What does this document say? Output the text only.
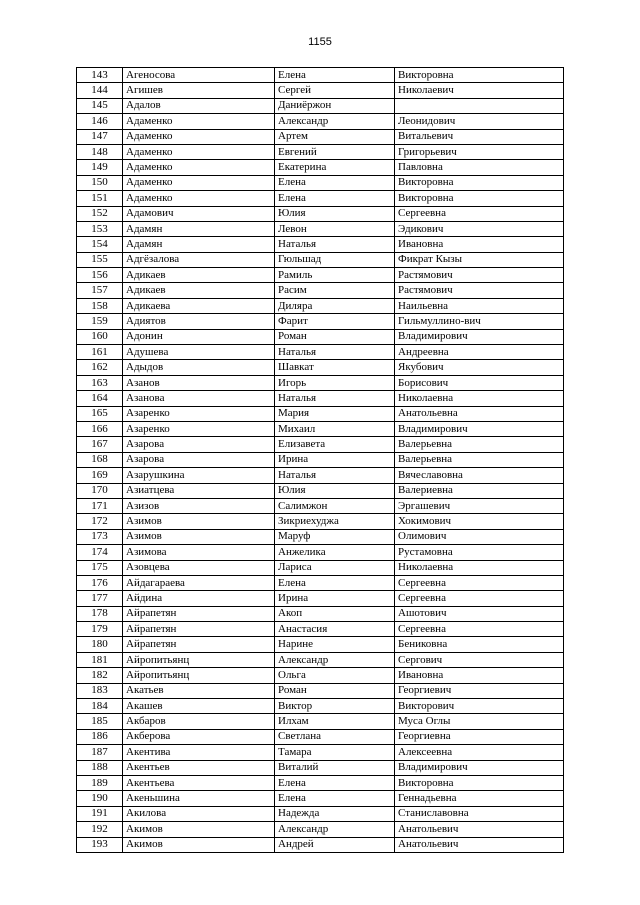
1155
143	Агеносова	Елена	Викторовна
144	Агишев	Сергей	Николаевич
145	Адалов	Даниёржон	
146	Адаменко	Александр	Леонидович
147	Адаменко	Артем	Витальевич
148	Адаменко	Евгений	Григорьевич
149	Адаменко	Екатерина	Павловна
150	Адаменко	Елена	Викторовна
151	Адаменко	Елена	Викторовна
152	Адамович	Юлия	Сергеевна
153	Адамян	Левон	Эдикович
154	Адамян	Наталья	Ивановна
155	Адгёзалова	Гюльшад	Фикрат Кызы
156	Адикаев	Рамиль	Растямович
157	Адикаев	Расим	Растямович
158	Адикаева	Диляра	Наильевна
159	Адиятов	Фарит	Гильмуллино-вич
160	Адонин	Роман	Владимирович
161	Адушева	Наталья	Андреевна
162	Адыдов	Шавкат	Якубович
163	Азанов	Игорь	Борисович
164	Азанова	Наталья	Николаевна
165	Азаренко	Мария	Анатольевна
166	Азаренко	Михаил	Владимирович
167	Азарова	Елизавета	Валерьевна
168	Азарова	Ирина	Валерьевна
169	Азарушкина	Наталья	Вячеславовна
170	Азиатцева	Юлия	Валериевна
171	Азизов	Салимжон	Эргашевич
172	Азимов	Зикриехуджа	Хокимович
173	Азимов	Маруф	Олимович
174	Азимова	Анжелика	Рустамовна
175	Азовцева	Лариса	Николаевна
176	Айдагараева	Елена	Сергеевна
177	Айдина	Ирина	Сергеевна
178	Айрапетян	Акоп	Ашотович
179	Айрапетян	Анастасия	Сергеевна
180	Айрапетян	Нарине	Бениковна
181	Айропитьянц	Александр	Сергович
182	Айропитьянц	Ольга	Ивановна
183	Акатьев	Роман	Георгиевич
184	Акашев	Виктор	Викторович
185	Акбаров	Илхам	Муса Оглы
186	Акберова	Светлана	Георгиевна
187	Акентива	Тамара	Алексеевна
188	Акентьев	Виталий	Владимирович
189	Акентьева	Елена	Викторовна
190	Акеньшина	Елена	Геннадьевна
191	Акилова	Надежда	Станиславовна
192	Акимов	Александр	Анатольевич
193	Акимов	Андрей	Анатольевич
